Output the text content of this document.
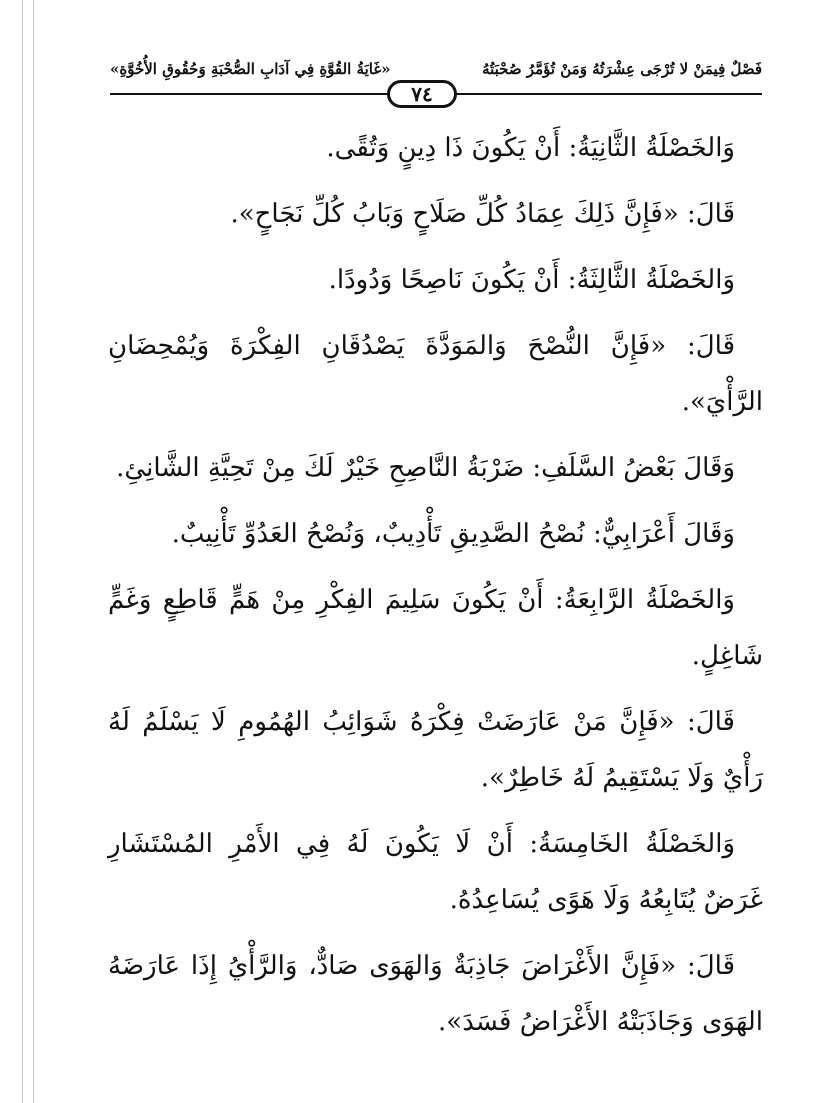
فَصْلٌ فِيمَنْ لا تُرْجَى عِشْرَتُهُ وَمَنْ تُؤَمَّرُ صُحْبَتُهُ
«غَايَةُ القُوَّةِ فِي آدَابِ الصُّحْبَةِ وَحُقُوقِ الأُخُوَّةِ»
٧٤

وَالخَصْلَةُ الثَّانِيَةُ: أَنْ يَكُونَ ذَا دِينٍ وَتُقًى.

قَالَ: «فَإِنَّ ذَلِكَ عِمَادُ كُلِّ صَلَاحٍ وَبَابُ كُلِّ نَجَاحٍ».

وَالخَصْلَةُ الثَّالِثَةُ: أَنْ يَكُونَ نَاصِحًا وَدُودًا.

قَالَ: «فَإِنَّ النُّصْحَ وَالمَوَدَّةَ يَصْدُقَانِ الفِكْرَةَ وَيُمْحِضَانِ الرَّأْيَ».

وَقَالَ بَعْضُ السَّلَفِ: ضَرْبَةُ النَّاصِحِ خَيْرٌ لَكَ مِنْ تَحِيَّةِ الشَّانِئِ.

وَقَالَ أَعْرَابِيٌّ: نُصْحُ الصَّدِيقِ تَأْدِيبٌ، وَنُصْحُ العَدُوِّ تَأْنِيبٌ.

وَالخَصْلَةُ الرَّابِعَةُ: أَنْ يَكُونَ سَلِيمَ الفِكْرِ مِنْ هَمٍّ قَاطِعٍ وَغَمٍّ شَاغِلٍ.

قَالَ: «فَإِنَّ مَنْ عَارَضَتْ فِكْرَهُ شَوَائِبُ الهُمُومِ لَا يَسْلَمُ لَهُ رَأْيٌ وَلَا يَسْتَقِيمُ لَهُ خَاطِرٌ».

وَالخَصْلَةُ الخَامِسَةُ: أَنْ لَا يَكُونَ لَهُ فِي الأَمْرِ المُسْتَشَارِ غَرَضٌ يُتَابِعُهُ وَلَا هَوًى يُسَاعِدُهُ.

قَالَ: «فَإِنَّ الأَغْرَاضَ جَاذِبَةٌ وَالهَوَى صَادٌّ، وَالرَّأْيُ إِذَا عَارَضَهُ الهَوَى وَجَاذَبَتْهُ الأَغْرَاضُ فَسَدَ».
